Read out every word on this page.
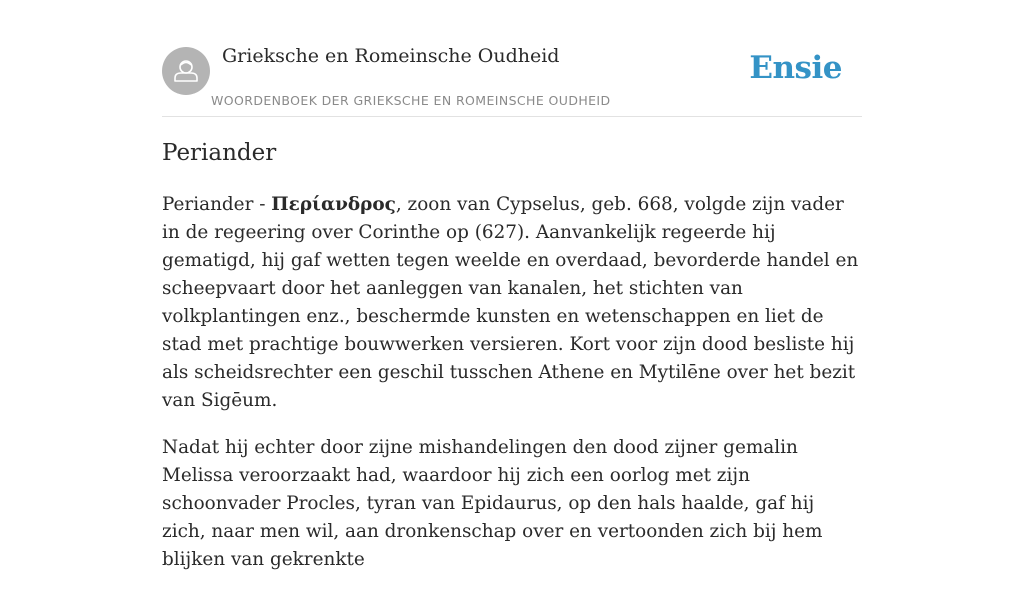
Grieksche en Romeinsche Oudheid
WOORDENBOEK DER GRIEKSCHE EN ROMEINSCHE OUDHEID
Ensie
Periander

Periander - Περίανδρος, zoon van Cypselus, geb. 668, volgde zijn vader in de regeering over Corinthe op (627). Aanvankelijk regeerde hij gematigd, hij gaf wetten tegen weelde en overdaad, bevorderde handel en scheepvaart door het aanleggen van kanalen, het stichten van volkplantingen enz., beschermde kunsten en wetenschappen en liet de stad met prachtige bouwwerken versieren. Kort voor zijn dood besliste hij als scheidsrechter een geschil tusschen Athene en Mytilēne over het bezit van Sigēum.

Nadat hij echter door zijne mishandelingen den dood zijner gemalin Melissa veroorzaakt had, waardoor hij zich een oorlog met zijn schoonvader Procles, tyran van Epidaurus, op den hals haalde, gaf hij zich, naar men wil, aan dronkenschap over en vertoonden zich bij hem blijken van gekrenkte
